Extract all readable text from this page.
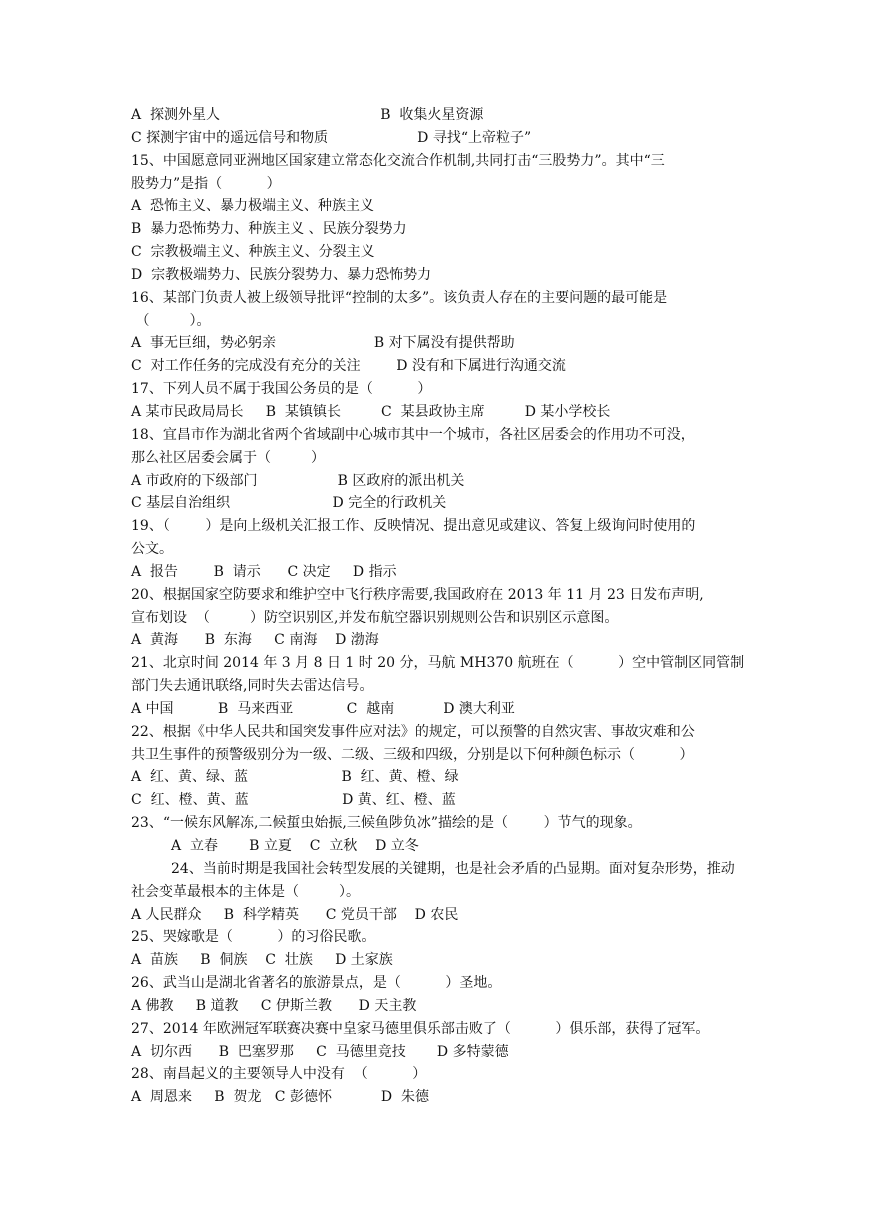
A  探测外星人                                    B  收集火星资源
C 探测宇宙中的遥远信号和物质                    D 寻找“上帝粒子”
15、中国愿意同亚洲地区国家建立常态化交流合作机制,共同打击“三股势力”。其中“三
股势力”是指（          ）
A  恐怖主义、暴力极端主义、种族主义
B  暴力恐怖势力、种族主义 、民族分裂势力
C  宗教极端主义、种族主义、分裂主义
D  宗教极端势力、民族分裂势力、暴力恐怖势力
16、某部门负责人被上级领导批评“控制的太多”。该负责人存在的主要问题的最可能是
（         ）。
A  事无巨细，势必躬亲                      B 对下属没有提供帮助
C  对工作任务的完成没有充分的关注        D 没有和下属进行沟通交流
17、下列人员不属于我国公务员的是（          ）
A 某市民政局局长     B  某镇镇长         C  某县政协主席         D 某小学校长
18、宜昌市作为湖北省两个省域副中心城市其中一个城市，各社区居委会的作用功不可没，
那么社区居委会属于（         ）
A 市政府的下级部门                  B 区政府的派出机关
C 基层自治组织                       D 完全的行政机关
19、（        ）是向上级机关汇报工作、反映情况、提出意见或建议、答复上级询问时使用的
公文。
A  报告        B  请示      C 决定     D 指示
20、根据国家空防要求和维护空中飞行秩序需要,我国政府在 2013 年 11 月 23 日发布声明,
宣布划设  （         ）防空识别区,并发布航空器识别规则公告和识别区示意图。
A  黄海      B  东海     C 南海    D 渤海
21、北京时间 2014 年 3 月 8 日 1 时 20 分，马航 MH370 航班在（          ）空中管制区同管制
部门失去通讯联络,同时失去雷达信号。
A 中国          B  马来西亚            C  越南           D 澳大利亚
22、根据《中华人民共和国突发事件应对法》的规定，可以预警的自然灾害、事故灾难和公
共卫生事件的预警级别分为一级、二级、三级和四级，分别是以下何种颜色标示（          ）
A  红、黄、绿、蓝                     B  红、黄、橙、绿
C  红、橙、黄、蓝                     D 黄、红、橙、蓝
23、“一候东风解冻,二候蜇虫始振,三候鱼陟负冰”描绘的是（        ）节气的现象。
A  立春       B 立夏    C  立秋    D 立冬
24、当前时期是我国社会转型发展的关键期，也是社会矛盾的凸显期。面对复杂形势，推动
社会变革最根本的主体是（         ）。
A 人民群众     B  科学精英      C 党员干部    D 农民
25、哭嫁歌是（          ）的习俗民歌。
A  苗族     B  侗族    C  壮族     D 土家族
26、武当山是湖北省著名的旅游景点，是（          ）圣地。
A 佛教     B 道教     C 伊斯兰教      D 天主教
27、2014 年欧洲冠军联赛决赛中皇家马德里俱乐部击败了（          ）俱乐部，获得了冠军。
A  切尔西      B  巴塞罗那     C  马德里竞技       D 多特蒙德
28、南昌起义的主要领导人中没有  （          ）
A  周恩来     B  贺龙   C 彭德怀           D  朱德
